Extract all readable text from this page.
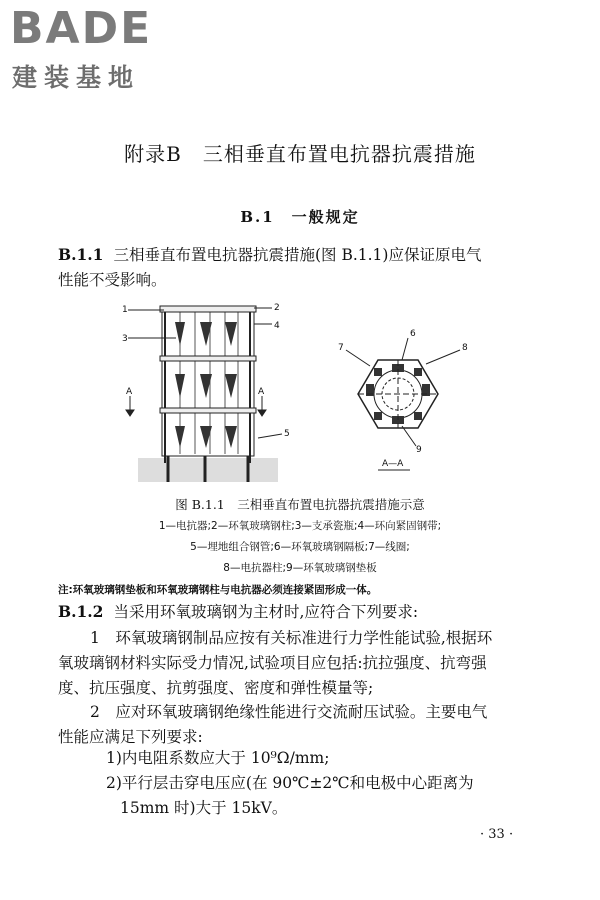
BADE
建装基地
附录B　三相垂直布置电抗器抗震措施
B.1　一般规定
B.1.1 三相垂直布置电抗器抗震措施(图 B.1.1)应保证原电气
性能不受影响。
1	2
3
4
5
6
7	8
9
A	A
A—A
图 B.1.1　三相垂直布置电抗器抗震措施示意
1—电抗器;2—环氧玻璃钢柱;3—支承瓷瓶;4—环向紧固钢带;
5—埋地组合钢管;6—环氧玻璃钢隔板;7—线圈;
8—电抗器柱;9—环氧玻璃钢垫板
注:环氧玻璃钢垫板和环氧玻璃钢柱与电抗器必须连接紧固形成一体。
B.1.2 当采用环氧玻璃钢为主材时,应符合下列要求:
1　环氧玻璃钢制品应按有关标准进行力学性能试验,根据环
氧玻璃钢材料实际受力情况,试验项目应包括:抗拉强度、抗弯强
度、抗压强度、抗剪强度、密度和弹性模量等;
2　应对环氧玻璃钢绝缘性能进行交流耐压试验。主要电气
性能应满足下列要求:
1)内电阻系数应大于 10⁹Ω/mm;
2)平行层击穿电压应(在 90℃±2℃和电极中心距离为
15mm 时)大于 15kV。
· 33 ·
